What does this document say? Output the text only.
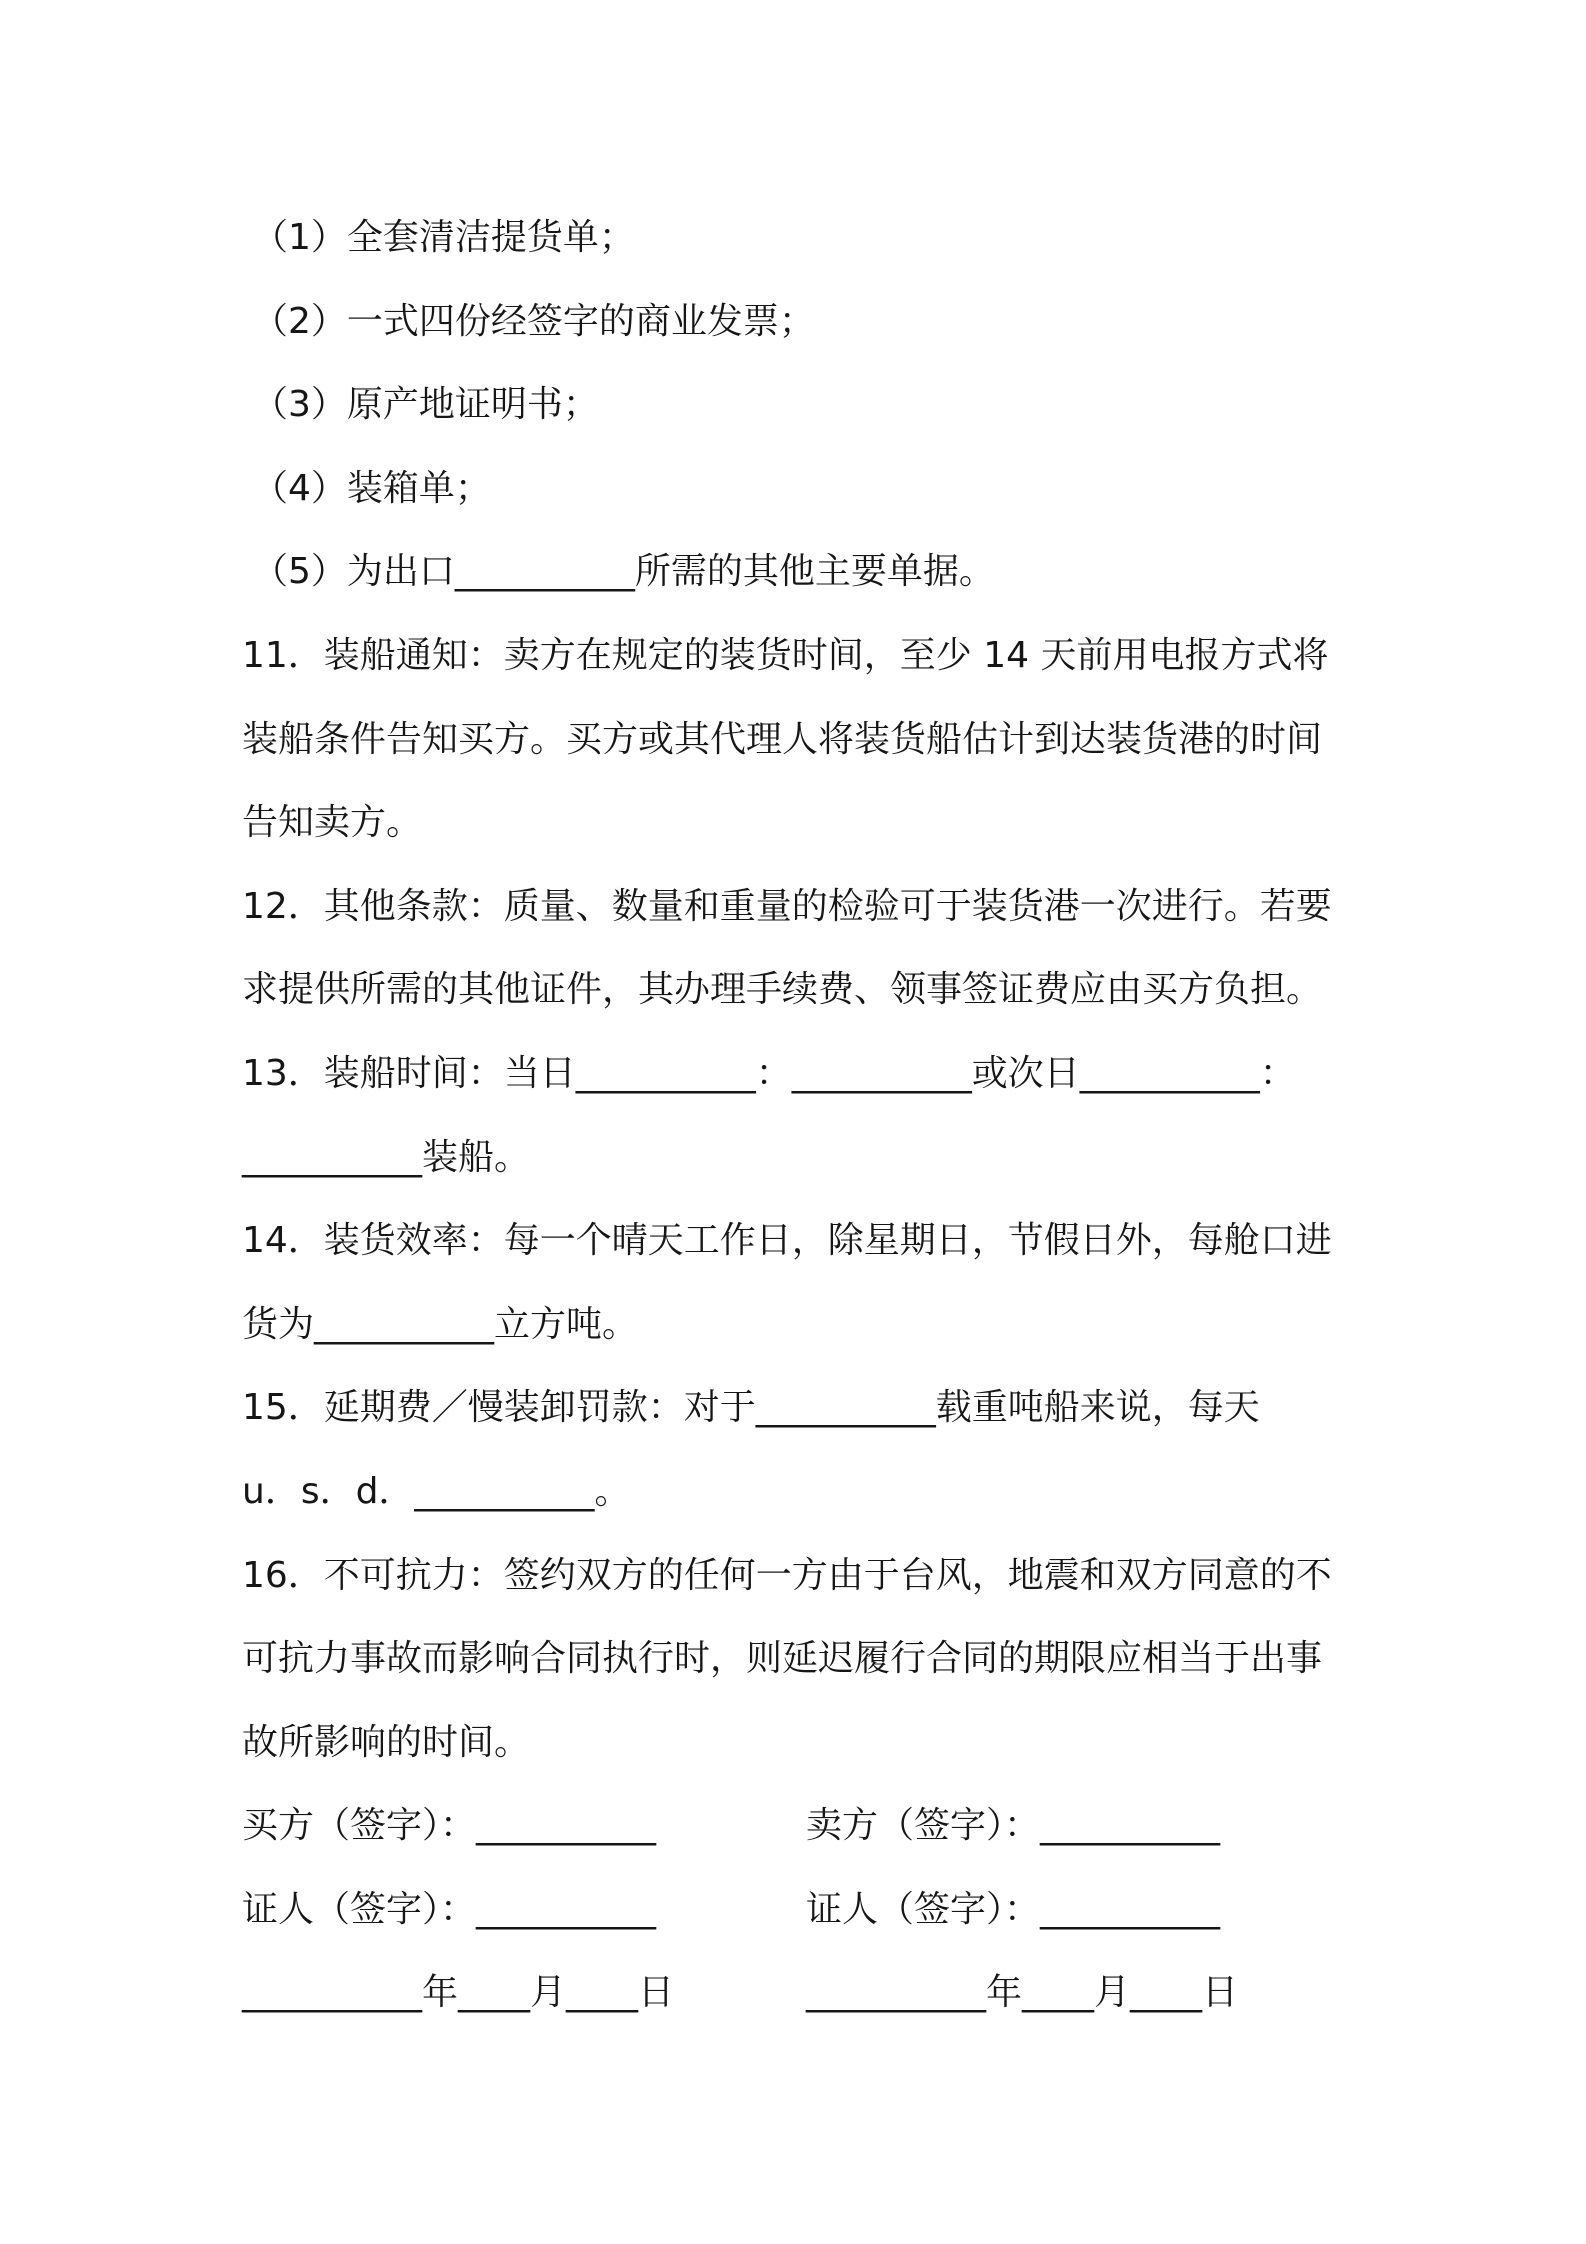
（1）全套清洁提货单；
（2）一式四份经签字的商业发票；
（3）原产地证明书；
（4）装箱单；
（5）为出口__________所需的其他主要单据。
11．装船通知：卖方在规定的装货时间，至少 14 天前用电报方式将
装船条件告知买方。买方或其代理人将装货船估计到达装货港的时间
告知卖方。
12．其他条款：质量、数量和重量的检验可于装货港一次进行。若要
求提供所需的其他证件，其办理手续费、领事签证费应由买方负担。
13．装船时间：当日__________：__________或次日__________：
__________装船。
14．装货效率：每一个晴天工作日，除星期日，节假日外，每舱口进
货为__________立方吨。
15．延期费／慢装卸罚款：对于__________载重吨船来说，每天
u．s．d．__________。
16．不可抗力：签约双方的任何一方由于台风，地震和双方同意的不
可抗力事故而影响合同执行时，则延迟履行合同的期限应相当于出事
故所影响的时间。
买方（签字）：__________	卖方（签字）：__________
证人（签字）：__________	证人（签字）：__________
__________年____月____日	__________年____月____日
